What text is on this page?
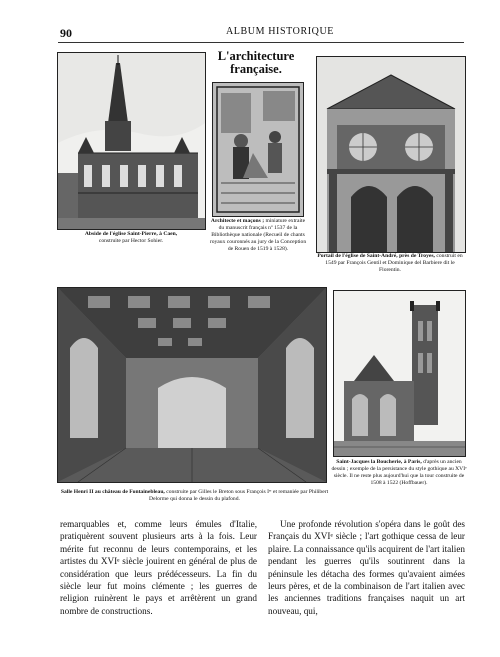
90	ALBUM HISTORIQUE
Abside de l'église Saint-Pierre, à Caen,
construite par Hector Sohier.
L'architecture française.
Architecte et maçons ; miniature extraite du manuscrit français nº 1537 de la Bibliothèque nationale (Recueil de chants royaux couronnés au jury de la Conception de Rouen de 1519 à 1528).
Portail de l'église de Saint-André, près de Troyes, construit en 1549 par François Gentil et Dominique del Barbiere dit le Florentin.
Salle Henri II au château de Fontainebleau, construite par Gilles le Breton sous François Iᵉʳ et remaniée par Philibert Delorme qui donna le dessin du plafond.
Saint-Jacques la Boucherie, à Paris, d'après un ancien dessin ; exemple de la persistance du style gothique au XVIᵉ siècle. Il ne reste plus aujourd'hui que la tour construite de 1508 à 1522 (Hoffbauer).

remarquables et, comme leurs émules d'Italie, pratiquèrent souvent plusieurs arts à la fois. Leur mérite fut reconnu de leurs contemporains, et les artistes du XVIᵉ siècle jouirent en général de plus de considération que leurs prédécesseurs. La fin du siècle leur fut moins clémente ; les guerres de religion ruinèrent le pays et arrêtèrent un grand nombre de constructions.

Une profonde révolution s'opéra dans le goût des Français du XVIᵉ siècle ; l'art gothique cessa de leur plaire. La connaissance qu'ils acquirent de l'art italien pendant les guerres qu'ils soutinrent dans la péninsule les détacha des formes qu'avaient aimées leurs pères, et de la combinaison de l'art italien avec les anciennes traditions françaises naquit un art nouveau, qui,
